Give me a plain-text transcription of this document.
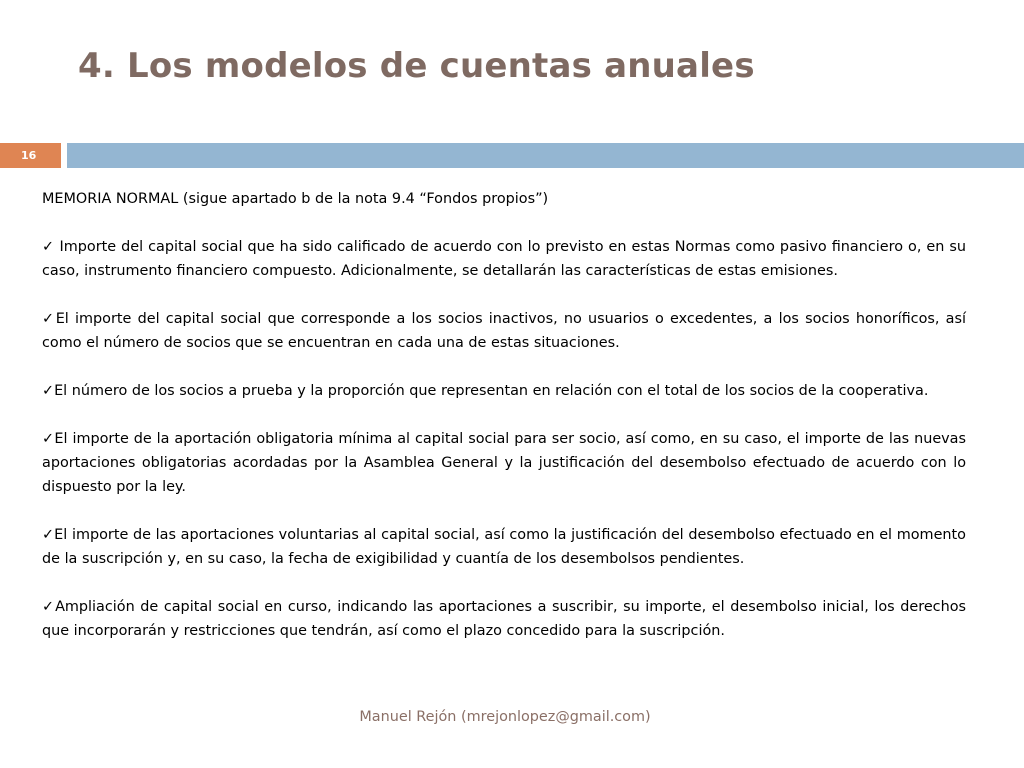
4. Los modelos de cuentas anuales
16

MEMORIA NORMAL (sigue apartado b de la nota 9.4 “Fondos propios”)

✓ Importe del capital social que ha sido calificado de acuerdo con lo previsto en estas Normas como pasivo financiero o, en su caso, instrumento financiero compuesto. Adicionalmente, se detallarán las características de estas emisiones.

✓El importe del capital social que corresponde a los socios inactivos, no usuarios o excedentes, a los socios honoríficos, así como el número de socios que se encuentran en cada una de estas situaciones.

✓El número de los socios a prueba y la proporción que representan en relación con el total de los socios de la cooperativa.

✓El importe de la aportación obligatoria mínima al capital social para ser socio, así como, en su caso, el importe de las nuevas aportaciones obligatorias acordadas por la Asamblea General y la justificación del desembolso efectuado de acuerdo con lo dispuesto por la ley.

✓El importe de las aportaciones voluntarias al capital social, así como la justificación del desembolso efectuado en el momento de la suscripción y, en su caso, la fecha de exigibilidad y cuantía de los desembolsos pendientes.

✓Ampliación de capital social en curso, indicando las aportaciones a suscribir, su importe, el desembolso inicial, los derechos que incorporarán y restricciones que tendrán, así como el plazo concedido para la suscripción.

Manuel Rejón (mrejonlopez@gmail.com)
